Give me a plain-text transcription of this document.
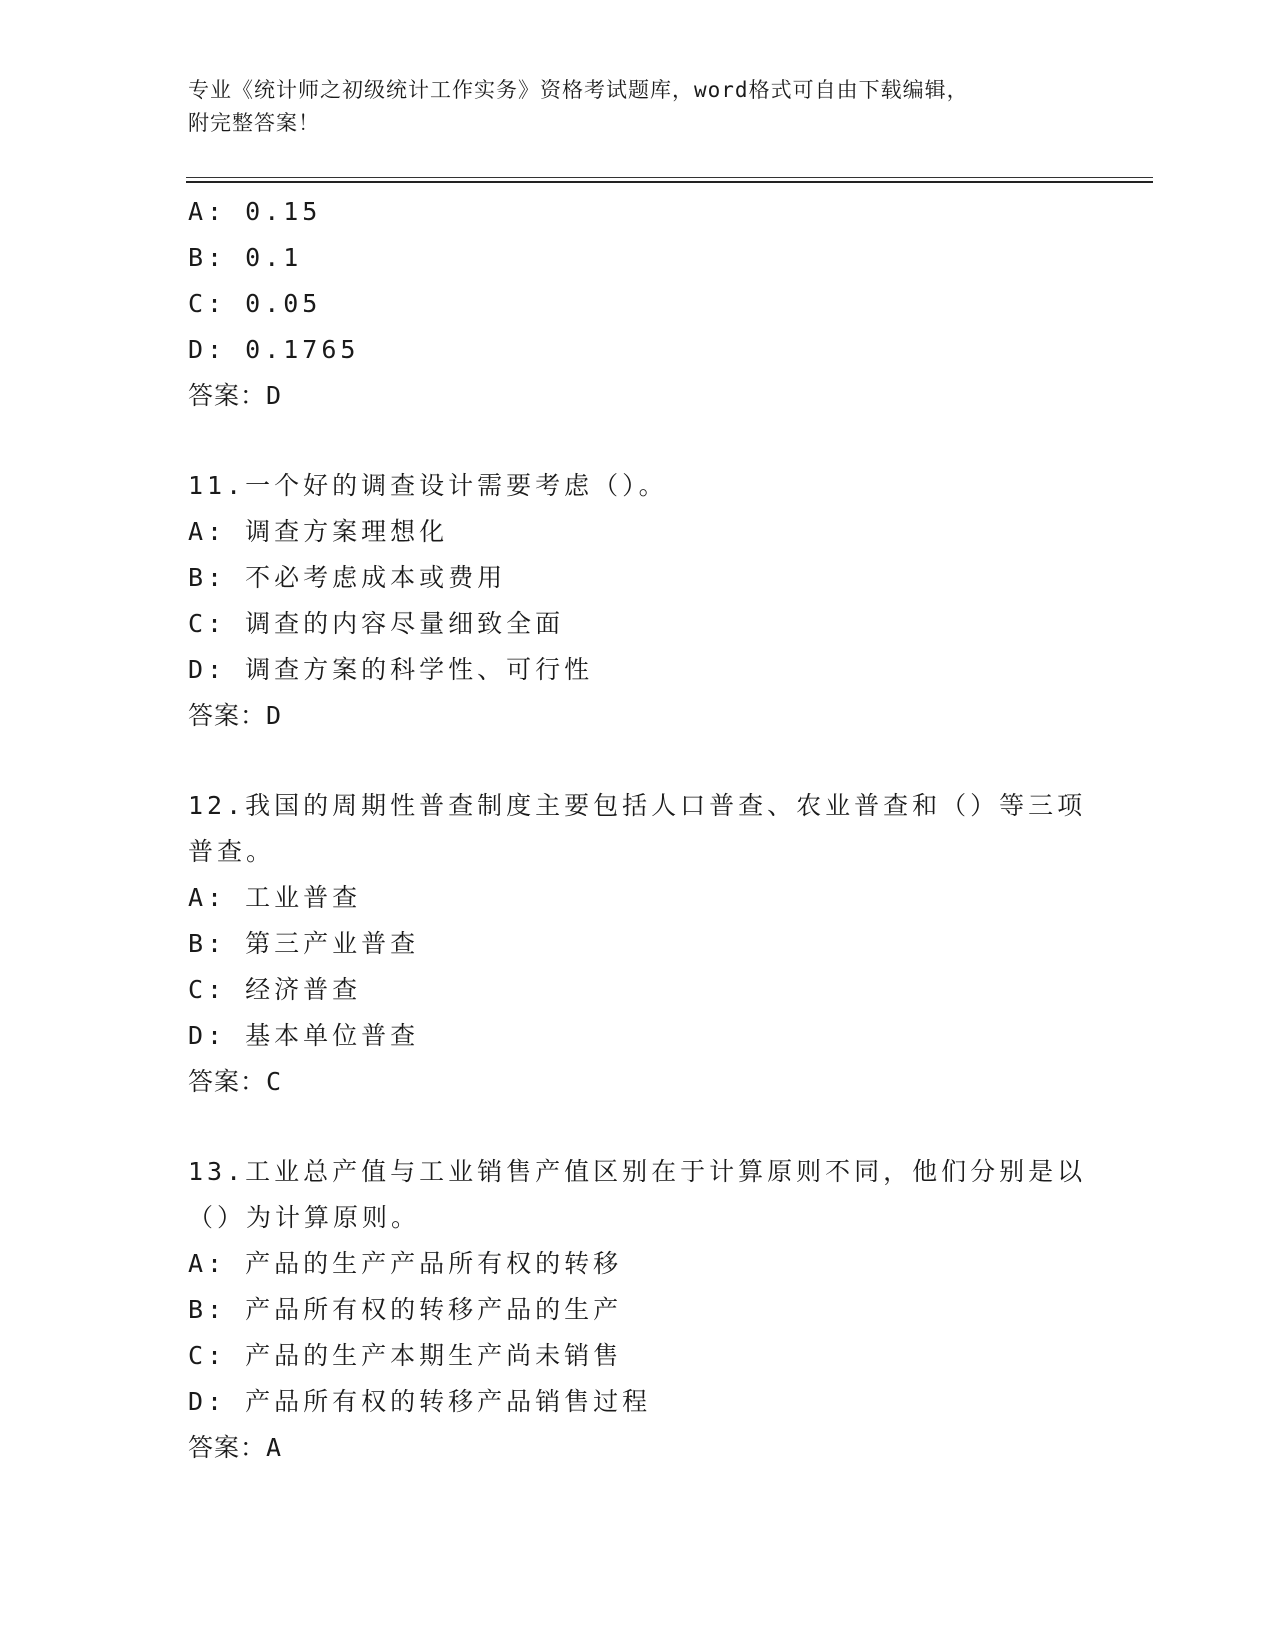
专业《统计师之初级统计工作实务》资格考试题库，word格式可自由下载编辑，
附完整答案！
A: 0.15
B: 0.1
C: 0.05
D: 0.1765
答案：D
11.一个好的调查设计需要考虑（）。
A: 调查方案理想化
B: 不必考虑成本或费用
C: 调查的内容尽量细致全面
D: 调查方案的科学性、可行性
答案：D
12.我国的周期性普查制度主要包括人口普查、农业普查和（）等三项
普查。
A: 工业普查
B: 第三产业普查
C: 经济普查
D: 基本单位普查
答案：C
13.工业总产值与工业销售产值区别在于计算原则不同，他们分别是以
（）为计算原则。
A: 产品的生产产品所有权的转移
B: 产品所有权的转移产品的生产
C: 产品的生产本期生产尚未销售
D: 产品所有权的转移产品销售过程
答案：A
